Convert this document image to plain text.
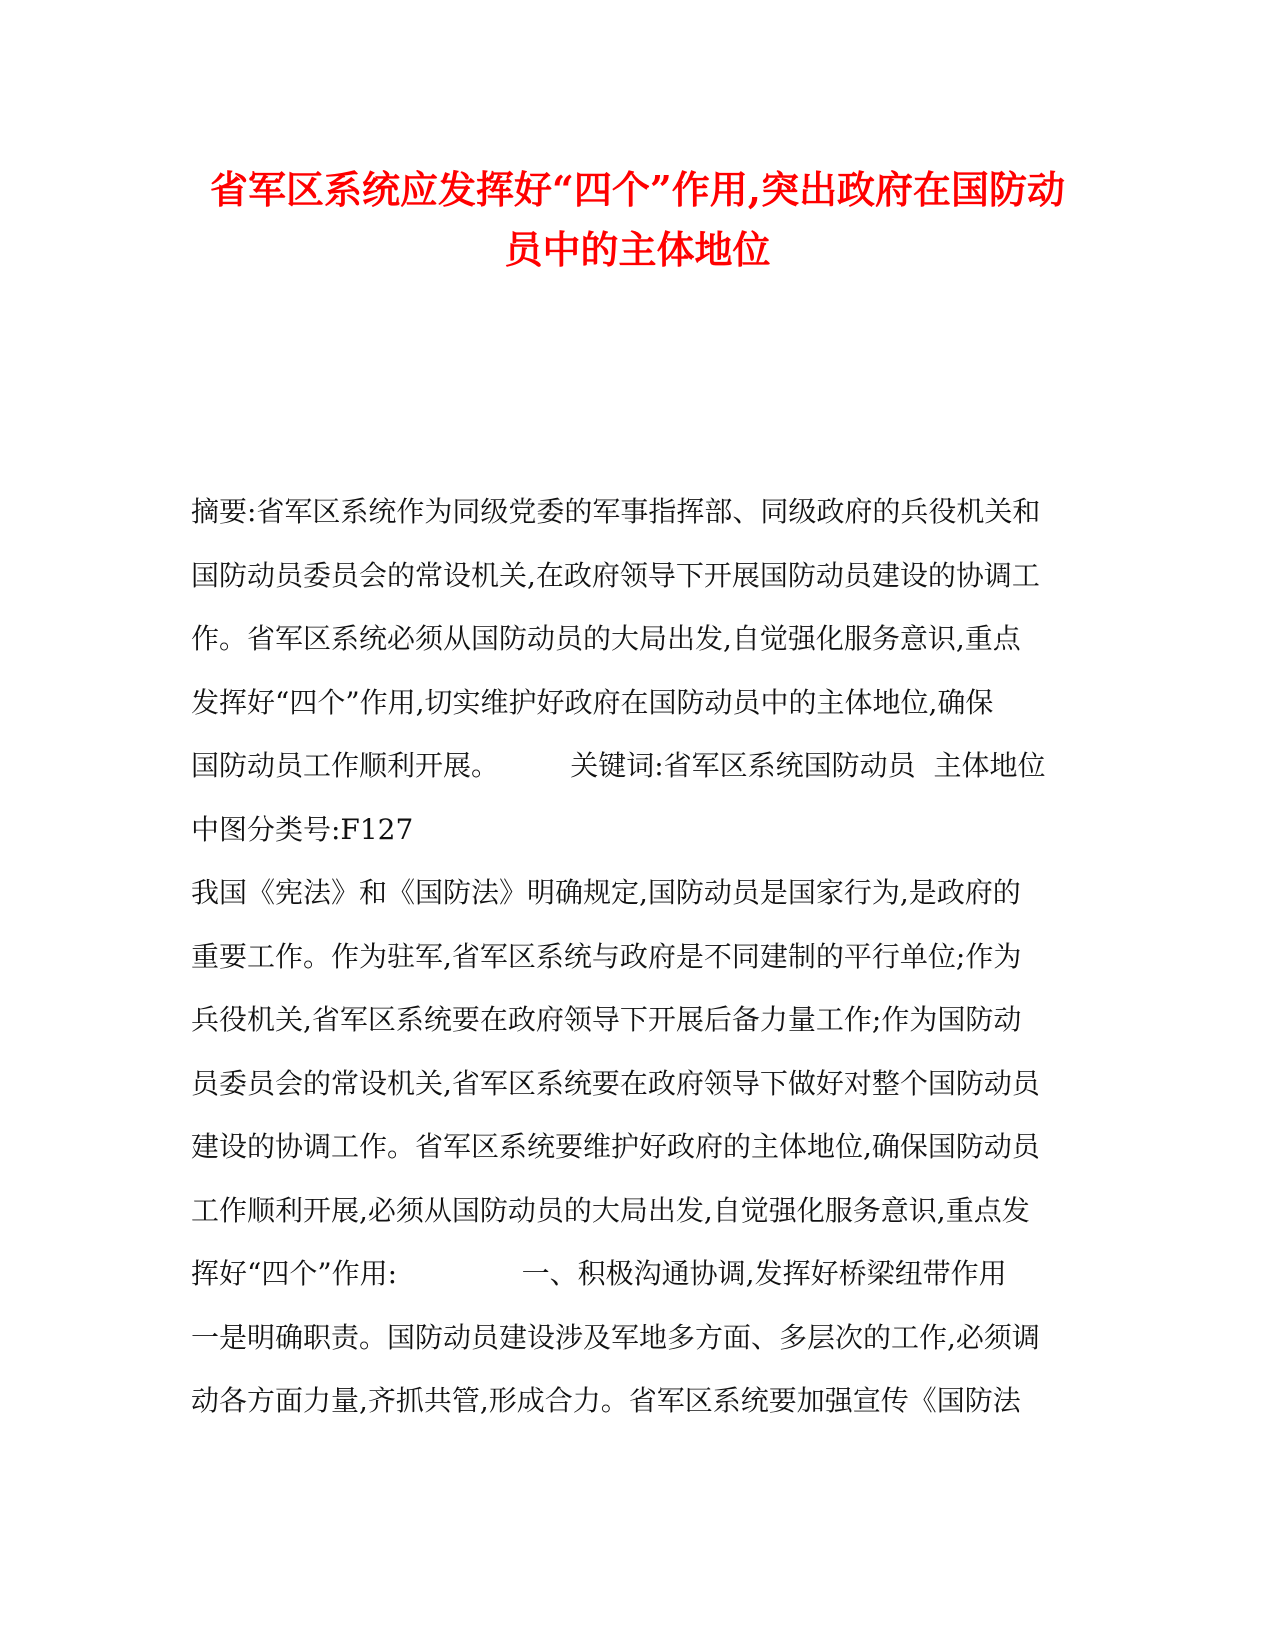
省军区系统应发挥好“四个”作用,突出政府在国防动
员中的主体地位
摘要:省军区系统作为同级党委的军事指挥部、同级政府的兵役机关和
国防动员委员会的常设机关,在政府领导下开展国防动员建设的协调工
作。省军区系统必须从国防动员的大局出发,自觉强化服务意识,重点
发挥好“四个”作用,切实维护好政府在国防动员中的主体地位,确保
国防动员工作顺利开展。        关键词:省军区系统国防动员  主体地位
中图分类号:F127
我国《宪法》和《国防法》明确规定,国防动员是国家行为,是政府的
重要工作。作为驻军,省军区系统与政府是不同建制的平行单位;作为
兵役机关,省军区系统要在政府领导下开展后备力量工作;作为国防动
员委员会的常设机关,省军区系统要在政府领导下做好对整个国防动员
建设的协调工作。省军区系统要维护好政府的主体地位,确保国防动员
工作顺利开展,必须从国防动员的大局出发,自觉强化服务意识,重点发
挥好“四个”作用:              一、积极沟通协调,发挥好桥梁纽带作用
一是明确职责。国防动员建设涉及军地多方面、多层次的工作,必须调
动各方面力量,齐抓共管,形成合力。省军区系统要加强宣传《国防法
